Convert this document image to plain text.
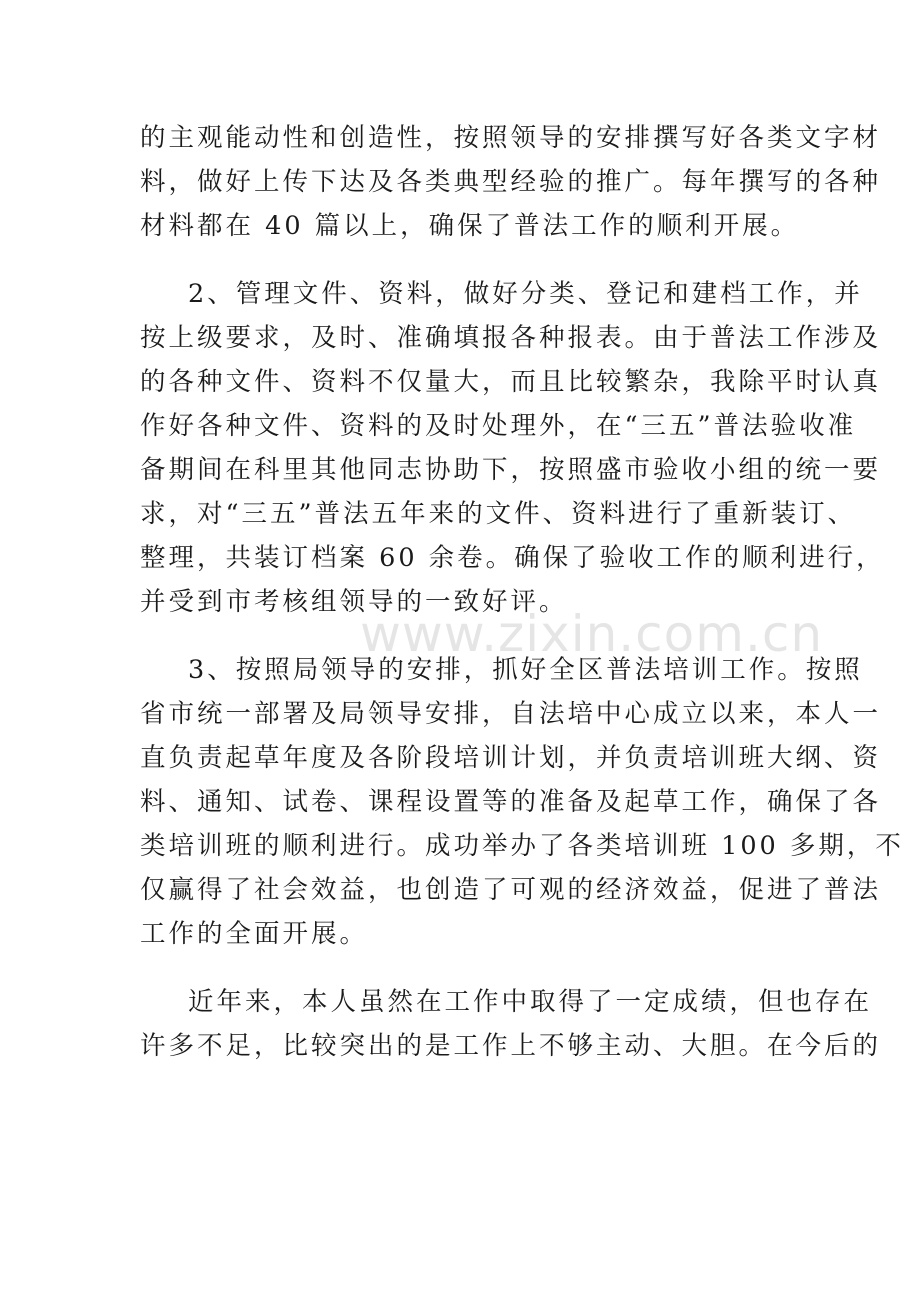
的主观能动性和创造性，按照领导的安排撰写好各类文字材
料，做好上传下达及各类典型经验的推广。每年撰写的各种
材料都在 40 篇以上，确保了普法工作的顺利开展。
2、管理文件、资料，做好分类、登记和建档工作，并
按上级要求，及时、准确填报各种报表。由于普法工作涉及
的各种文件、资料不仅量大，而且比较繁杂，我除平时认真
作好各种文件、资料的及时处理外，在“三五”普法验收准
备期间在科里其他同志协助下，按照盛市验收小组的统一要
求，对“三五”普法五年来的文件、资料进行了重新装订、
整理，共装订档案 60 余卷。确保了验收工作的顺利进行，
并受到市考核组领导的一致好评。
3、按照局领导的安排，抓好全区普法培训工作。按照
省市统一部署及局领导安排，自法培中心成立以来，本人一
直负责起草年度及各阶段培训计划，并负责培训班大纲、资
料、通知、试卷、课程设置等的准备及起草工作，确保了各
类培训班的顺利进行。成功举办了各类培训班 100 多期，不
仅赢得了社会效益，也创造了可观的经济效益，促进了普法
工作的全面开展。
近年来，本人虽然在工作中取得了一定成绩，但也存在
许多不足，比较突出的是工作上不够主动、大胆。在今后的
www.zixin.com.cn
